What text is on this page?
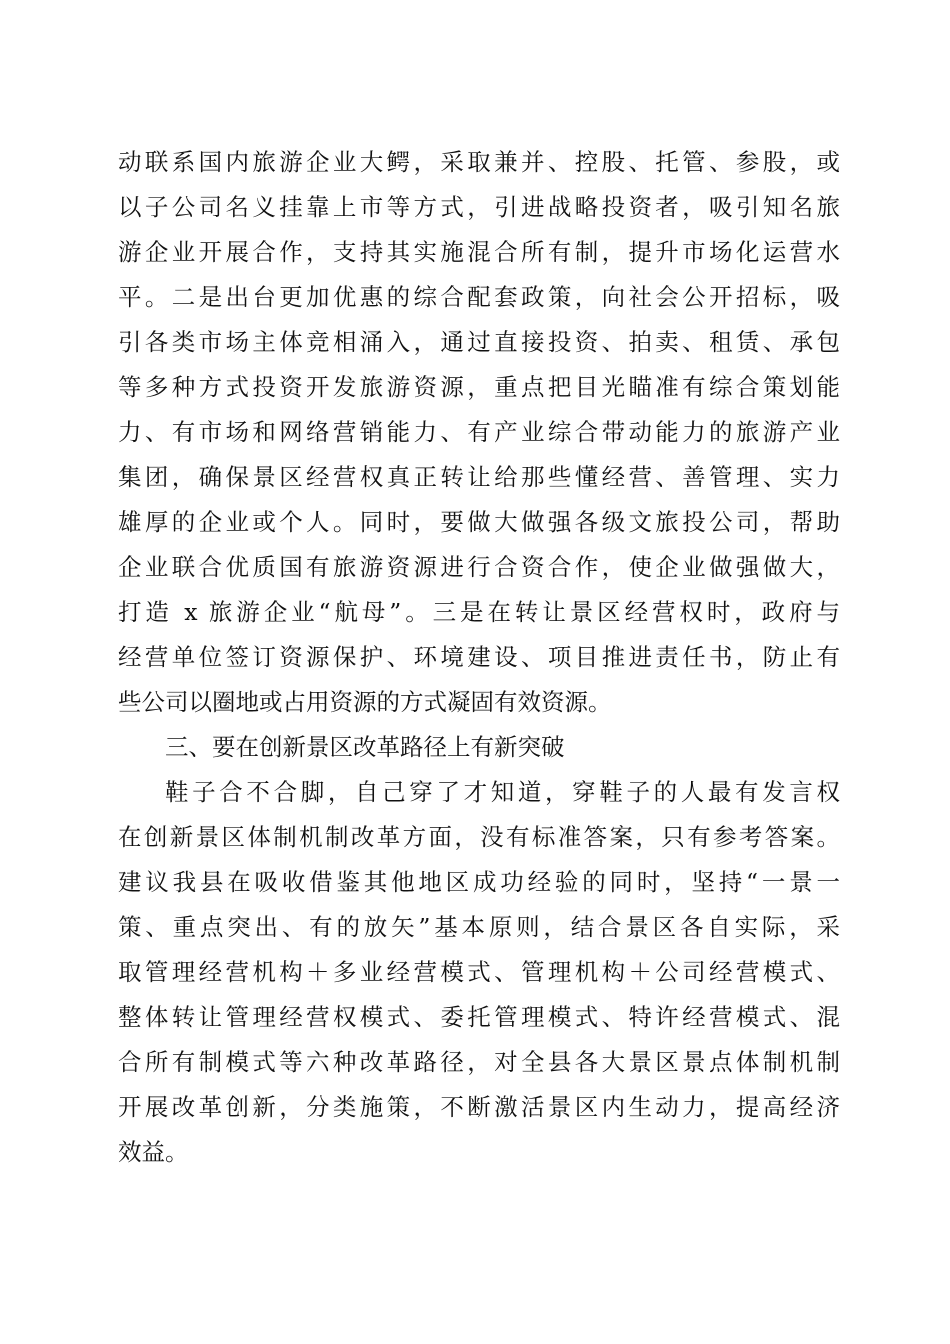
动联系国内旅游企业大鳄，采取兼并、控股、托管、参股，或
以子公司名义挂靠上市等方式，引进战略投资者，吸引知名旅
游企业开展合作，支持其实施混合所有制，提升市场化运营水
平。二是出台更加优惠的综合配套政策，向社会公开招标，吸
引各类市场主体竞相涌入，通过直接投资、拍卖、租赁、承包
等多种方式投资开发旅游资源，重点把目光瞄准有综合策划能
力、有市场和网络营销能力、有产业综合带动能力的旅游产业
集团，确保景区经营权真正转让给那些懂经营、善管理、实力
雄厚的企业或个人。同时，要做大做强各级文旅投公司，帮助
企业联合优质国有旅游资源进行合资合作，使企业做强做大，
打造 x 旅游企业“航母”。三是在转让景区经营权时，政府与
经营单位签订资源保护、环境建设、项目推进责任书，防止有
些公司以圈地或占用资源的方式凝固有效资源。
三、要在创新景区改革路径上有新突破
鞋子合不合脚，自己穿了才知道，穿鞋子的人最有发言权
在创新景区体制机制改革方面，没有标准答案，只有参考答案。
建议我县在吸收借鉴其他地区成功经验的同时，坚持“一景一
策、重点突出、有的放矢”基本原则，结合景区各自实际，采
取管理经营机构＋多业经营模式、管理机构＋公司经营模式、
整体转让管理经营权模式、委托管理模式、特许经营模式、混
合所有制模式等六种改革路径，对全县各大景区景点体制机制
开展改革创新，分类施策，不断激活景区内生动力，提高经济
效益。
